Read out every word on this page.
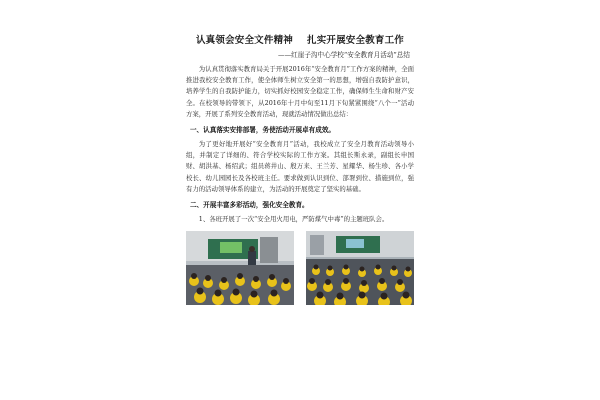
认真领会安全文件精神 扎实开展安全教育工作

——红崖子沟中心学校“安全教育月活动”总结

为认真贯彻落实教育局关于开展2016年“安全教育月”工作方案的精神，全面推进我校安全教育工作，使全体师生树立安全第一的思想，增强自我防护意识，培养学生的自我防护能力，切实抓好校园安全稳定工作，确保师生生命和财产安全。在校领导的带领下，从2016年十月中旬至11月下旬紧紧围绕“八个一”活动方案，开展了系列安全教育活动，现就活动情况做出总结：

一、认真落实安排部署，务使活动开展卓有成效。

为了更好地开展好“安全教育月”活动，我校成立了安全月教育活动领导小组，并制定了详细的、符合学校实际的工作方案。其组长斯永录，副组长申国财、胡洪基、杨绍武；组员蒋井山、殷万来、王兰芳、星耀华、杨生珍、各小学校长、幼儿园园长及各校班主任。要求做到认识到位、部署到位、措施到位，强有力的活动领导体系的建立，为活动的开展奠定了坚实的基础。

二、开展丰富多彩活动，强化安全教育。

1、各班开展了一次“安全用火用电，严防煤气中毒”的主题班队会。
